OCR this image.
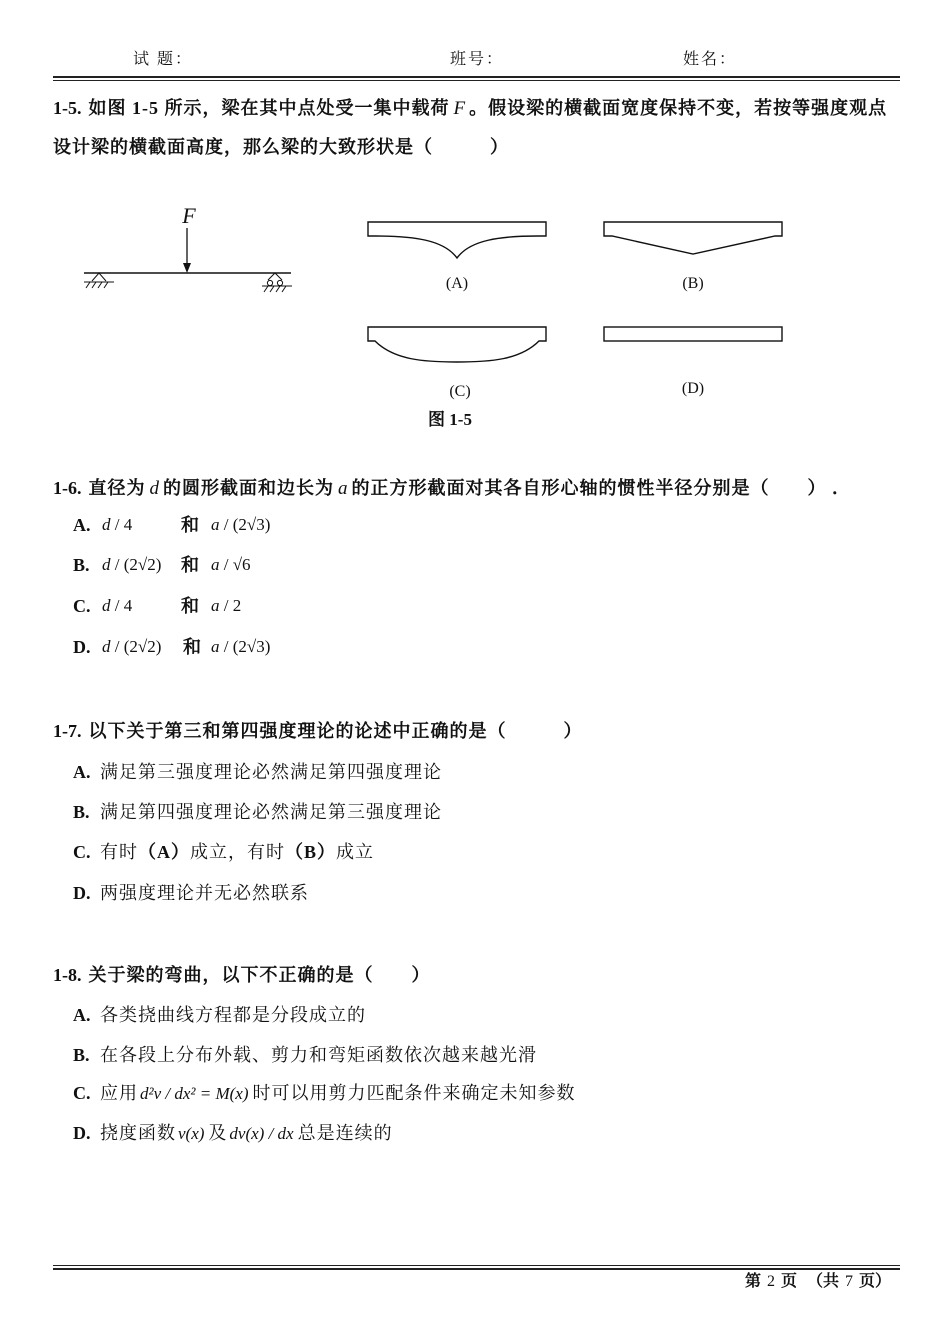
试 题：	班号：	姓名：
1-5. 如图 1-5 所示，梁在其中点处受一集中载荷 F 。假设梁的横截面宽度保持不变，若按等强度观点
设计梁的横截面高度，那么梁的大致形状是（　　　）
F
(A)	(B)
(C)	(D)
图 1-5
1-6. 直径为 d 的圆形截面和边长为 a 的正方形截面对其各自形心轴的惯性半径分别是（　　） ．
A. d / 4	和 a / (2√3)
B. d / (2√2) 和 a / √6
C. d / 4	和 a / 2
D. d / (2√2) 和 a / (2√3)
1-7. 以下关于第三和第四强度理论的论述中正确的是（　　　）
A. 满足第三强度理论必然满足第四强度理论
B. 满足第四强度理论必然满足第三强度理论
C. 有时（A）成立，有时（B）成立
D. 两强度理论并无必然联系
1-8. 关于梁的弯曲，以下不正确的是（　　）
A. 各类挠曲线方程都是分段成立的
B. 在各段上分布外载、剪力和弯矩函数依次越来越光滑
C. 应用 d²v / dx² = M(x) 时可以用剪力匹配条件来确定未知参数
D. 挠度函数 v(x) 及 dv(x) / dx 总是连续的
第 2 页 （共 7 页）
